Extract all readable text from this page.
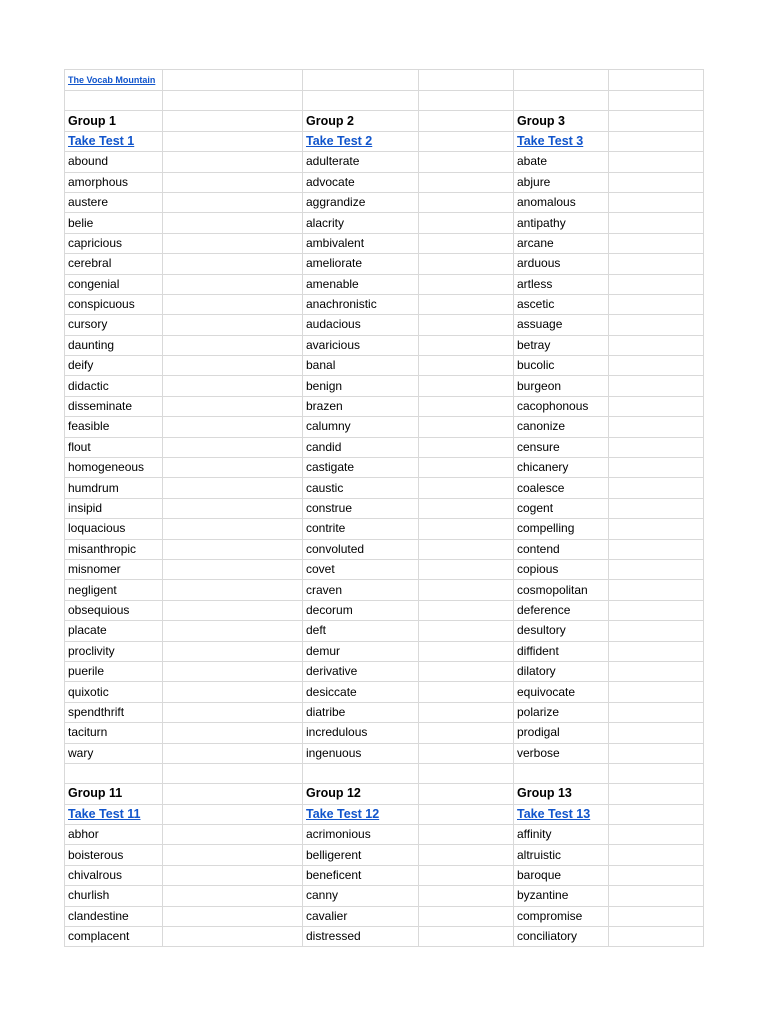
The Vocab Mountain					

Group 1		Group 2		Group 3	
Take Test 1		Take Test 2		Take Test 3	
abound		adulterate		abate	
amorphous		advocate		abjure	
austere		aggrandize		anomalous	
belie		alacrity		antipathy	
capricious		ambivalent		arcane	
cerebral		ameliorate		arduous	
congenial		amenable		artless	
conspicuous		anachronistic		ascetic	
cursory		audacious		assuage	
daunting		avaricious		betray	
deify		banal		bucolic	
didactic		benign		burgeon	
disseminate		brazen		cacophonous	
feasible		calumny		canonize	
flout		candid		censure	
homogeneous		castigate		chicanery	
humdrum		caustic		coalesce	
insipid		construe		cogent	
loquacious		contrite		compelling	
misanthropic		convoluted		contend	
misnomer		covet		copious	
negligent		craven		cosmopolitan	
obsequious		decorum		deference	
placate		deft		desultory	
proclivity		demur		diffident	
puerile		derivative		dilatory	
quixotic		desiccate		equivocate	
spendthrift		diatribe		polarize	
taciturn		incredulous		prodigal	
wary		ingenuous		verbose	

Group 11		Group 12		Group 13	
Take Test 11		Take Test 12		Take Test 13	
abhor		acrimonious		affinity	
boisterous		belligerent		altruistic	
chivalrous		beneficent		baroque	
churlish		canny		byzantine	
clandestine		cavalier		compromise	
complacent		distressed		conciliatory	
